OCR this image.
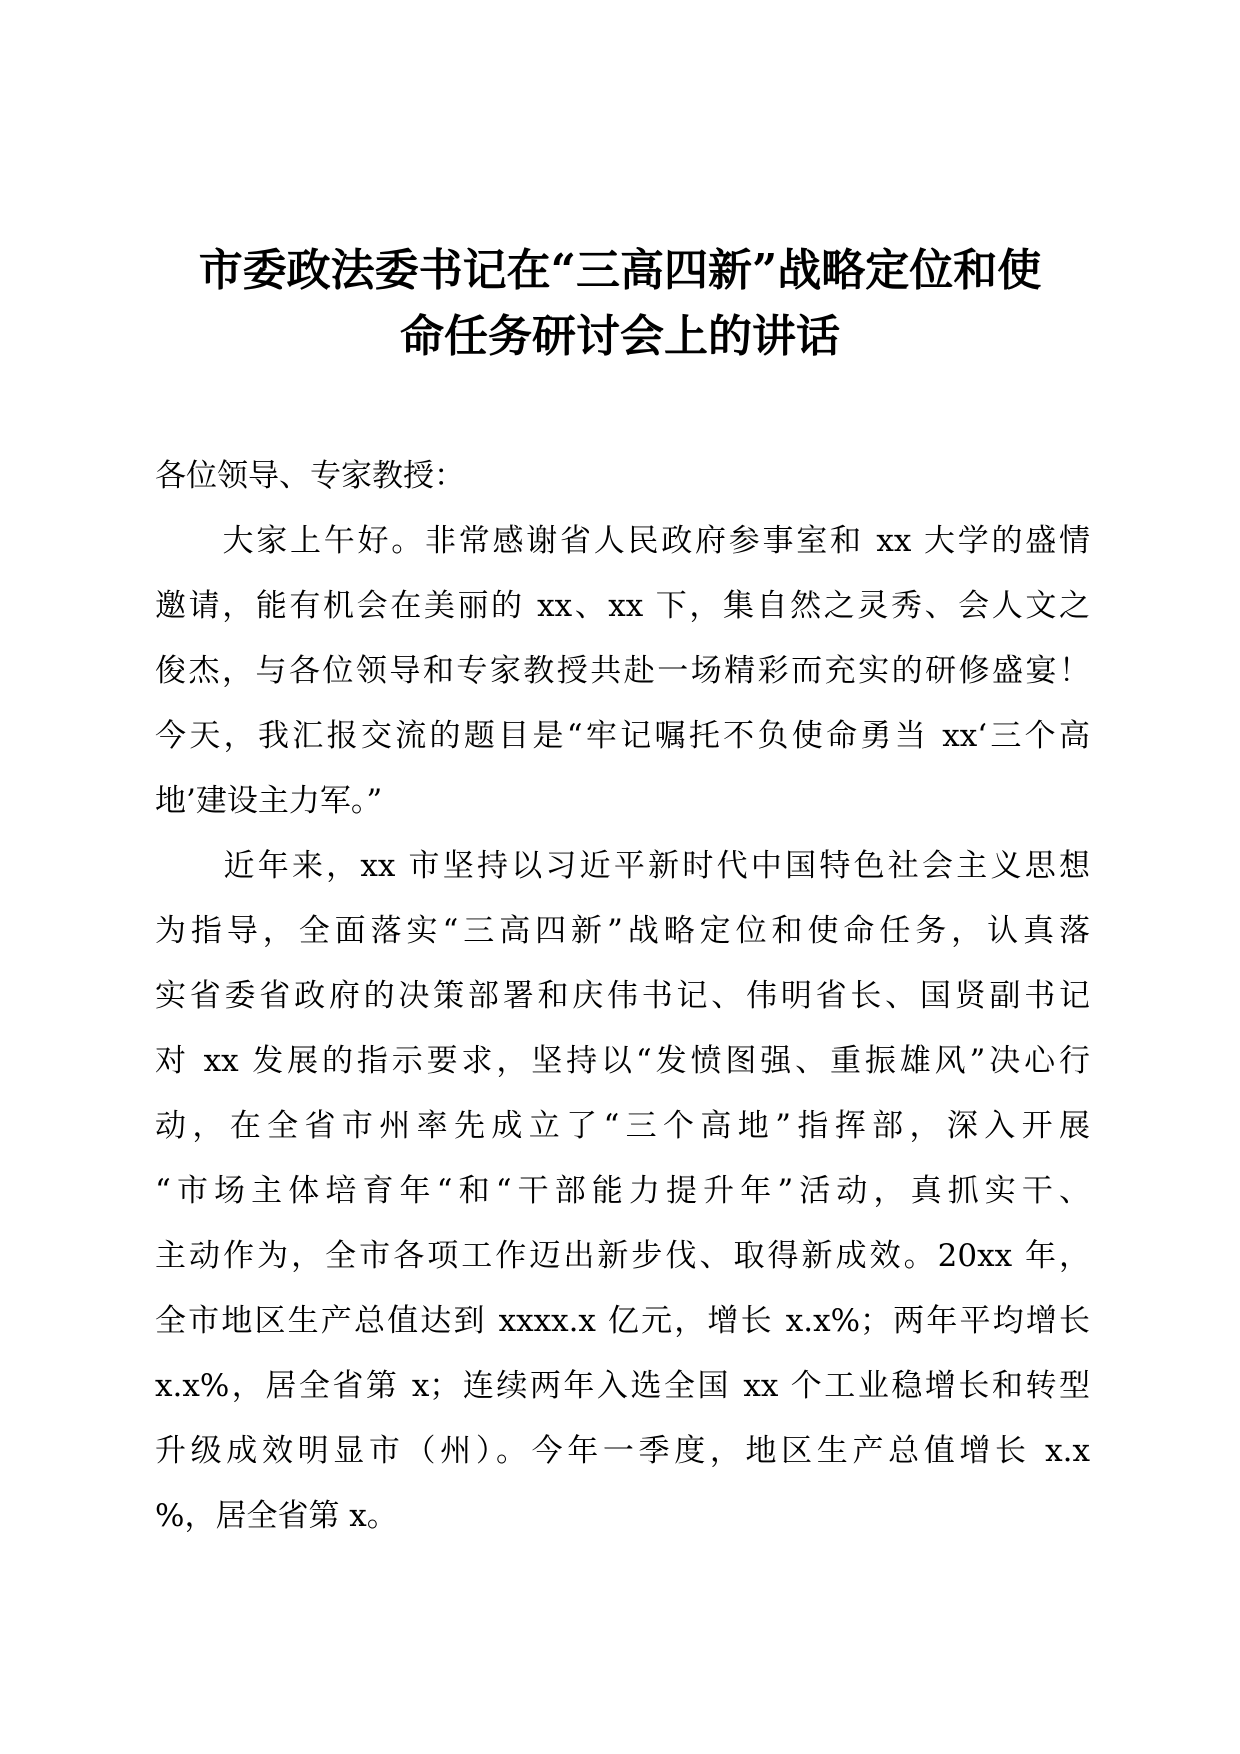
市委政法委书记在“三高四新”战略定位和使
命任务研讨会上的讲话
各位领导、专家教授：
　　大家上午好。非常感谢省人民政府参事室和 xx 大学的盛情
邀请，能有机会在美丽的 xx、xx 下，集自然之灵秀、会人文之
俊杰，与各位领导和专家教授共赴一场精彩而充实的研修盛宴！
今天，我汇报交流的题目是“牢记嘱托不负使命勇当 xx‘三个高
地’建设主力军。”
　　近年来，xx 市坚持以习近平新时代中国特色社会主义思想
为指导，全面落实“三高四新”战略定位和使命任务，认真落
实省委省政府的决策部署和庆伟书记、伟明省长、国贤副书记
对 xx 发展的指示要求，坚持以“发愤图强、重振雄风”决心行
动，在全省市州率先成立了“三个高地”指挥部，深入开展
“市场主体培育年“和“干部能力提升年”活动，真抓实干、
主动作为，全市各项工作迈出新步伐、取得新成效。20xx 年，
全市地区生产总值达到 xxxx.x 亿元，增长 x.x%；两年平均增长
x.x%，居全省第 x；连续两年入选全国 xx 个工业稳增长和转型
升级成效明显市（州）。今年一季度，地区生产总值增长 x.x
%，居全省第 x。
